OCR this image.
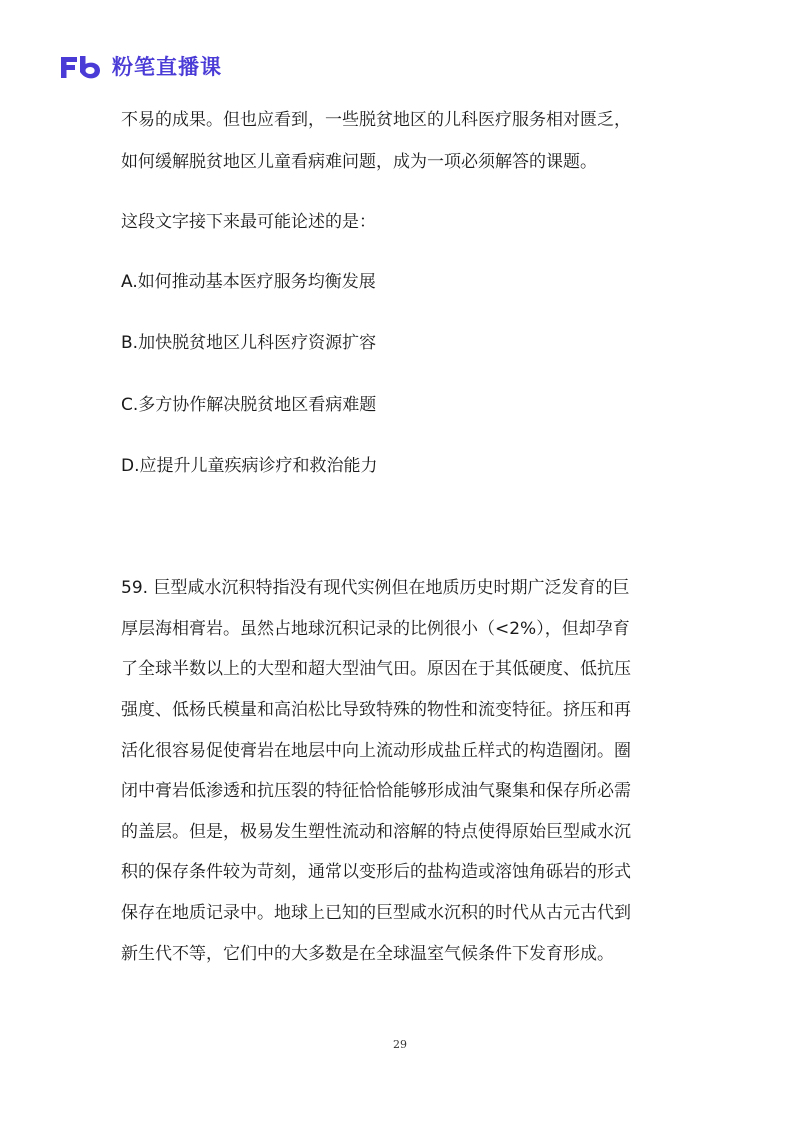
粉笔直播课
不易的成果。但也应看到，一些脱贫地区的儿科医疗服务相对匮乏，
如何缓解脱贫地区儿童看病难问题，成为一项必须解答的课题。
这段文字接下来最可能论述的是：
A.如何推动基本医疗服务均衡发展
B.加快脱贫地区儿科医疗资源扩容
C.多方协作解决脱贫地区看病难题
D.应提升儿童疾病诊疗和救治能力
59. 巨型咸水沉积特指没有现代实例但在地质历史时期广泛发育的巨
厚层海相膏岩。虽然占地球沉积记录的比例很小（<2%），但却孕育
了全球半数以上的大型和超大型油气田。原因在于其低硬度、低抗压
强度、低杨氏模量和高泊松比导致特殊的物性和流变特征。挤压和再
活化很容易促使膏岩在地层中向上流动形成盐丘样式的构造圈闭。圈
闭中膏岩低渗透和抗压裂的特征恰恰能够形成油气聚集和保存所必需
的盖层。但是，极易发生塑性流动和溶解的特点使得原始巨型咸水沉
积的保存条件较为苛刻，通常以变形后的盐构造或溶蚀角砾岩的形式
保存在地质记录中。地球上已知的巨型咸水沉积的时代从古元古代到
新生代不等，它们中的大多数是在全球温室气候条件下发育形成。
29
